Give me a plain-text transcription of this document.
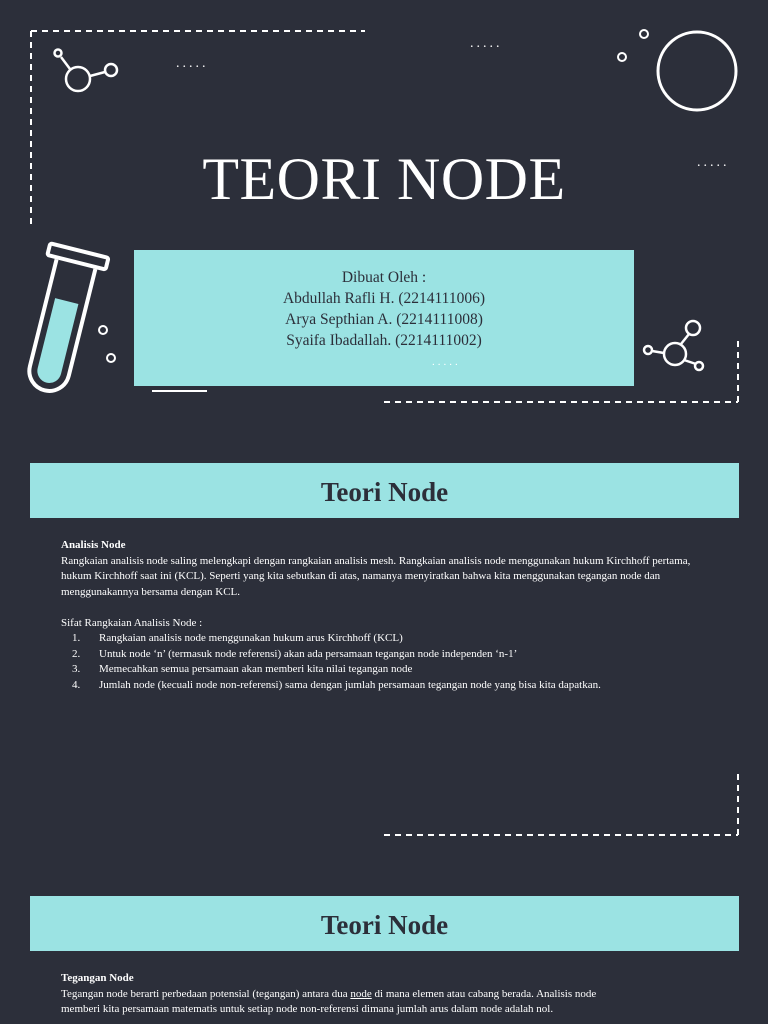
.....
.....
.....
TEORI NODE
Dibuat Oleh :
Abdullah Rafli H. (2214111006)
Arya Septhian A. (2214111008)
Syaifa Ibadallah. (2214111002)
.....
Teori Node

Analisis Node

Rangkaian analisis node saling melengkapi dengan rangkaian analisis mesh. Rangkaian analisis node menggunakan hukum Kirchhoff pertama, hukum Kirchhoff saat ini (KCL). Seperti yang kita sebutkan di atas, namanya menyiratkan bahwa kita menggunakan tegangan node dan menggunakannya bersama dengan KCL.

Sifat Rangkaian Analisis Node :

1. Rangkaian analisis node menggunakan hukum arus Kirchhoff (KCL)
2. Untuk node ‘n’ (termasuk node referensi) akan ada persamaan tegangan node independen ‘n-1’
3. Memecahkan semua persamaan akan memberi kita nilai tegangan node
4. Jumlah node (kecuali node non-referensi) sama dengan jumlah persamaan tegangan node yang bisa kita dapatkan.
Teori Node

Tegangan Node

Tegangan node berarti perbedaan potensial (tegangan) antara dua node di mana elemen atau cabang berada. Analisis node

memberi kita persamaan matematis untuk setiap node non-referensi dimana jumlah arus dalam node adalah nol.
